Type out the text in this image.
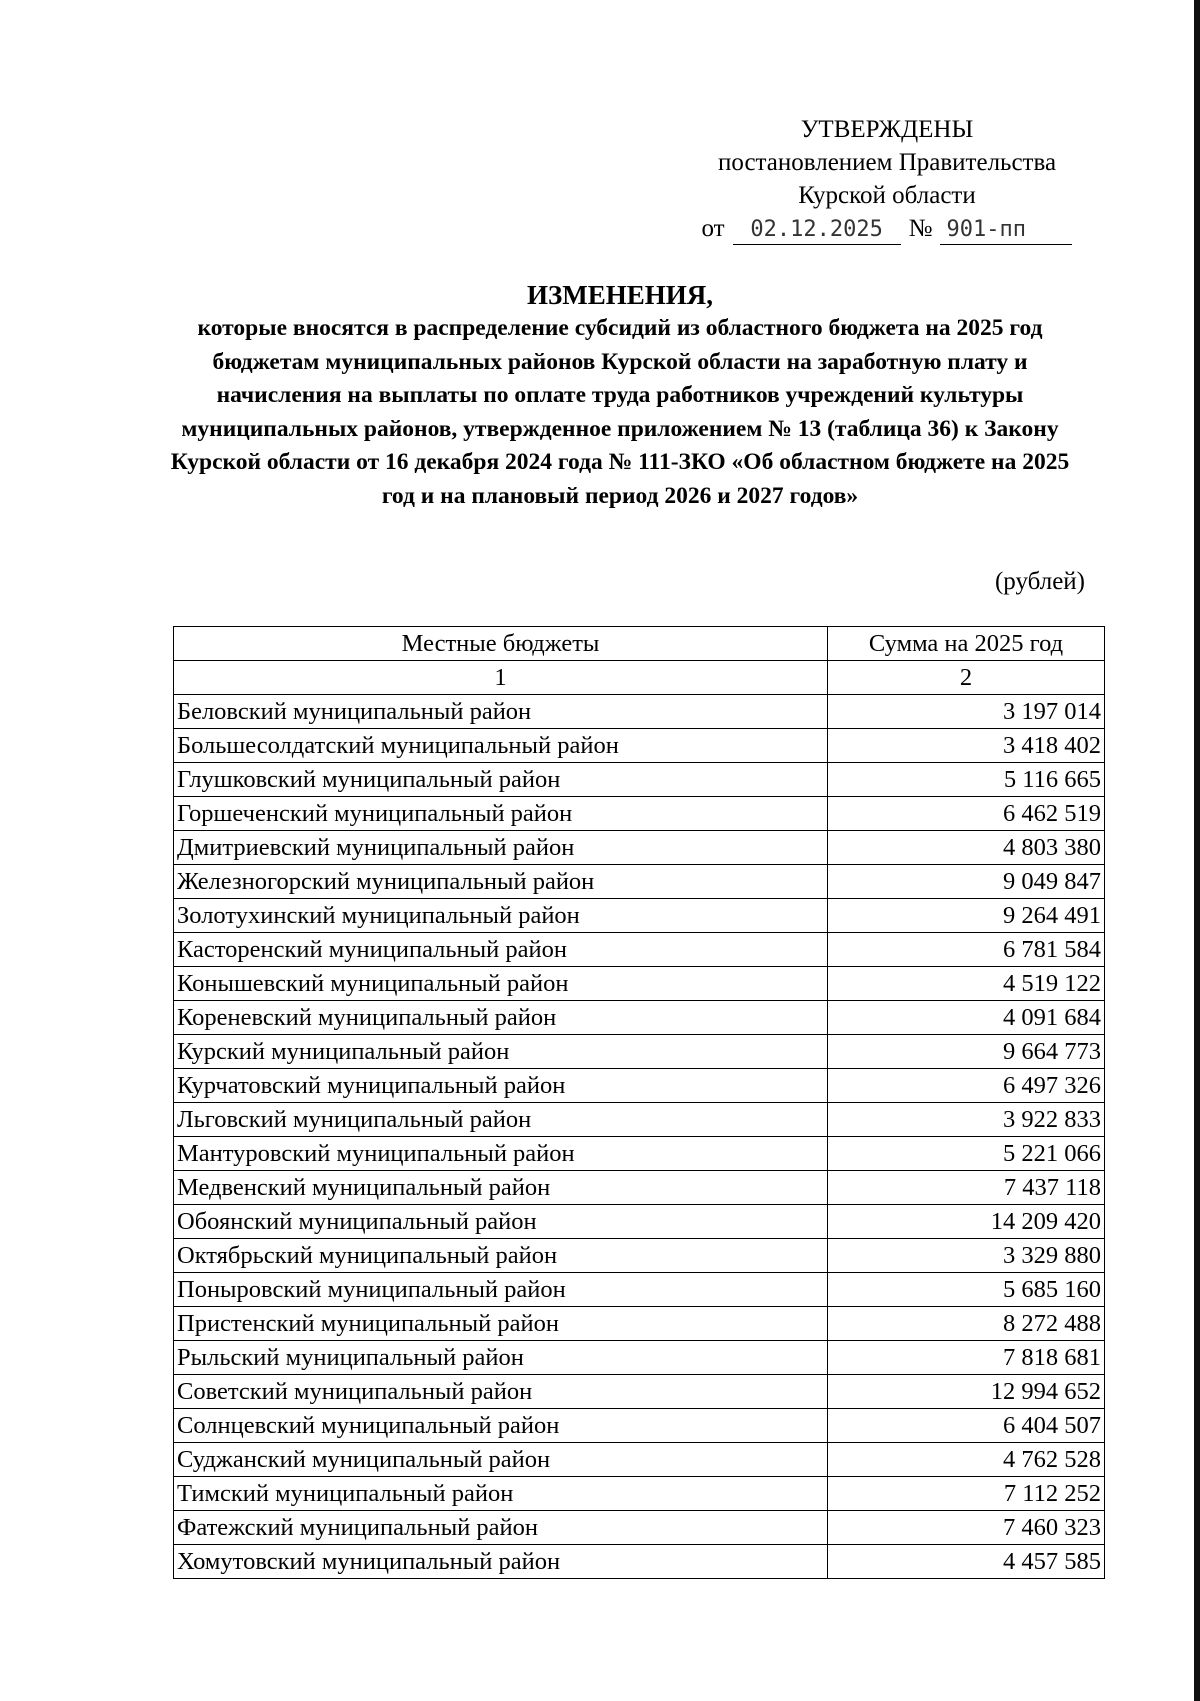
УТВЕРЖДЕНЫ
постановлением Правительства
Курской области
от	02.12.2025	№ 901-пп
ИЗМЕНЕНИЯ,
которые вносятся в распределение субсидий из областного бюджета на 2025 год бюджетам муниципальных районов Курской области на заработную плату и начисления на выплаты по оплате труда работников учреждений культуры муниципальных районов, утвержденное приложением № 13 (таблица 36) к Закону Курской области от 16 декабря 2024 года № 111-ЗКО «Об областном бюджете на 2025 год и на плановый период 2026 и 2027 годов»
(рублей)
Местные бюджеты	Сумма на 2025 год
1	2
Беловский муниципальный район	3 197 014
Большесолдатский муниципальный район	3 418 402
Глушковский муниципальный район	5 116 665
Горшеченский муниципальный район	6 462 519
Дмитриевский муниципальный район	4 803 380
Железногорский муниципальный район	9 049 847
Золотухинский муниципальный район	9 264 491
Касторенский муниципальный район	6 781 584
Конышевский муниципальный район	4 519 122
Кореневский муниципальный район	4 091 684
Курский муниципальный район	9 664 773
Курчатовский муниципальный район	6 497 326
Льговский муниципальный район	3 922 833
Мантуровский муниципальный район	5 221 066
Медвенский муниципальный район	7 437 118
Обоянский муниципальный район	14 209 420
Октябрьский муниципальный район	3 329 880
Поныровский муниципальный район	5 685 160
Пристенский муниципальный район	8 272 488
Рыльский муниципальный район	7 818 681
Советский муниципальный район	12 994 652
Солнцевский муниципальный район	6 404 507
Суджанский муниципальный район	4 762 528
Тимский муниципальный район	7 112 252
Фатежский муниципальный район	7 460 323
Хомутовский муниципальный район	4 457 585
